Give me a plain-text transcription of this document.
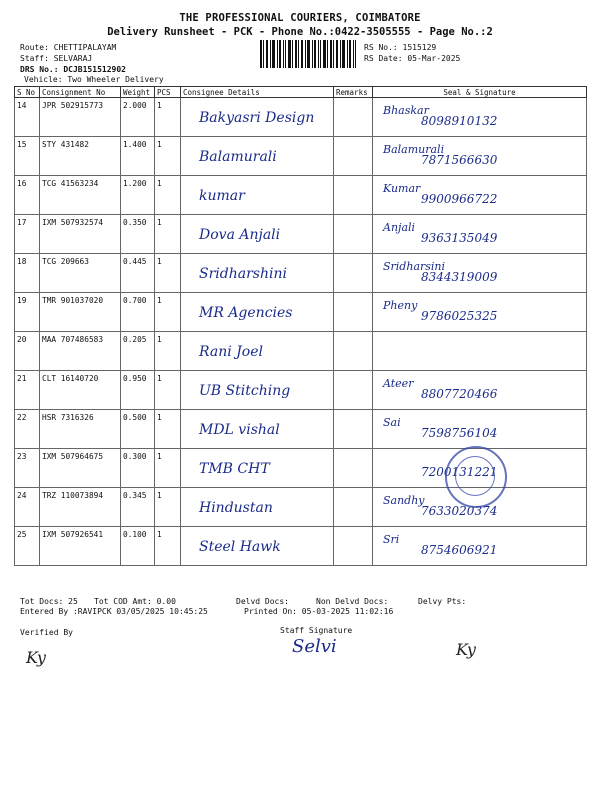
THE PROFESSIONAL COURIERS, COIMBATORE
Delivery Runsheet - PCK - Phone No.:0422-3505555 - Page No.:2
Route: CHETTIPALAYAM
Staff: SELVARAJ
DRS No.: DCJB151512902
Vehicle: Two Wheeler Delivery
RS No.: 1515129
RS Date: 05-Mar-2025
S No	Consignment No	Weight	PCS	Consignee Details	Remarks	Seal & Signature
14	JPR 502915773	2.000	1	Bakyasri Design		Bhaskar
8098910132

15	STY 431482	1.400	1	Balamurali		Balamurali
7871566630

16	TCG 41563234	1.200	1	kumar		Kumar
9900966722

17	IXM 507932574	0.350	1	Dova Anjali		Anjali
9363135049

18	TCG 209663	0.445	1	Sridharshini		Sridharsini
8344319009

19	TMR 901037020	0.700	1	MR Agencies		Pheny
9786025325

20	MAA 707486583	0.205	1	Rani Joel		

21	CLT 16140720	0.950	1	UB Stitching		Ateer
8807720466

22	HSR 7316326	0.500	1	MDL vishal		Sai
7598756104

23	IXM 507964675	0.300	1	TMB CHT		7200131221

24	TRZ 110073894	0.345	1	Hindustan		Sandhy
7633020374

25	IXM 507926541	0.100	1	Steel Hawk		Sri
8754606921
Tot Docs: 25 Tot COD Amt: 0.00	Delvd Docs:	Non Delvd Docs:	Delvy Pts:
Entered By :RAVIPCK 03/05/2025 10:45:25	Printed On: 05-03-2025 11:02:16
Verified By	Staff Signature
Ky
Selvi	Ky
